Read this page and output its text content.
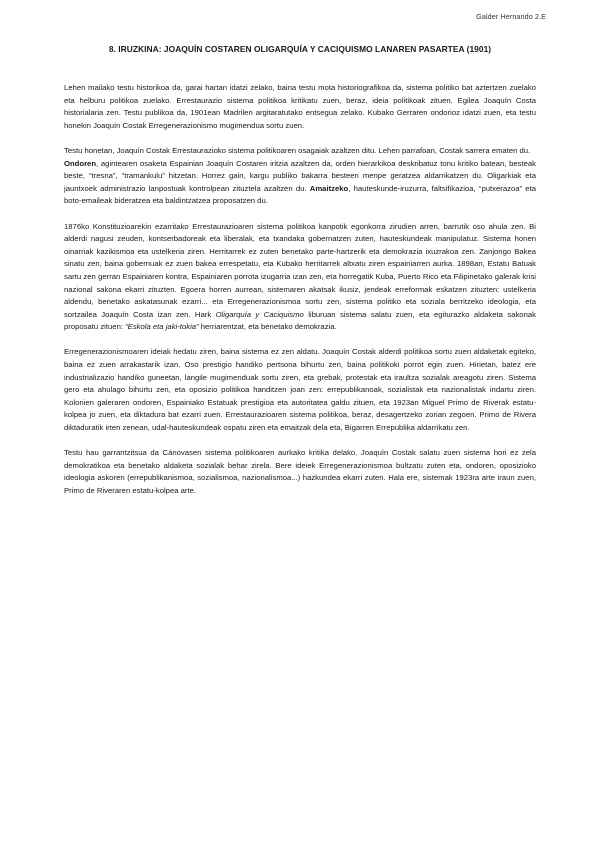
Galder Hernando 2.E
8. IRUZKINA: JOAQUÍN COSTAREN OLIGARQUÍA Y CACIQUISMO LANAREN PASARTEA (1901)

Lehen mailako testu historikoa da, garai hartan idatzi zelako, baina testu mota historiografikoa da, sistema politiko bat aztertzen zuelako eta helburu politikoa zuelako. Errestaurazio sistema politikoa kritikatu zuen, beraz, ideia politikoak zituen. Egilea Joaquín Costa historialaria zen. Testu publikoa da, 1901ean Madrilen argitaratutako entsegua zelako. Kubako Gerraren ondorioz idatzi zuen, eta testu honekin Joaquín Costak Erregenerazionismo mugimendua sortu zuen.

Testu honetan, Joaquín Costak Errestaurazioko sistema politikoaren osagaiak azaltzen ditu. Lehen parrafoan, Costak sarrera ematen du.
Ondoren, agintearen osaketa Espainian Joaquín Costaren iritzia azaltzen da, orden hierarkikoa deskribatuz tonu kritiko batean, besteak beste, “tresna”, “tramankulu” hitzetan. Horrez gain, kargu publiko bakarra besteen menpe geratzea aldarrikatzen du. Oligarkiak eta jauntxoek administrazio lanpostuak kontrolpean zituztela azaltzen du. Amaitzeko, hauteskunde-iruzurra, faltsifikazioa, “putxerazoa” eta boto-emaileak bideratzea eta baldintzatzea proposatzen du.

1876ko Konstituzioarekin ezarritako Errestaurazioaren sistema politikoa kanpotik egonkorra zirudien arren, barrutik oso ahula zen. Bi alderdi nagusi zeuden, kontserbadoreak eta liberalak, eta txandaka gobernatzen zuten, hauteskundeak manipulatuz. Sistema honen oinarriak kazikismoa eta ustelkeria ziren. Herritarrek ez zuten benetako parte-hartzerik eta demokrazia ixuzrakoa zen. Zanjongo Bakea sinatu zen, baina gobernuak ez zuen bakea errespetatu, eta Kubako herritarrek altxatu ziren espainiarren aurka. 1898an, Estatu Batuak sartu zen gerran Espainiaren kontra, Espainiaren porrota izugarria izan zen, eta horregatik Kuba, Puerto Rico eta Filipinetako galerak krisi nazional sakona ekarri zituzten. Egoera horren aurrean, sistemaren akatsak ikusiz, jendeak erreformak eskatzen zituzten: ustelkeria aldendu, benetako askatasunak ezarri... eta Erregenerazionismoa sortu zen, sistema politiko eta soziala berritzeko ideologia, eta sortzailea Joaquín Costa izan zen. Hark Oligarquía y Caciquismo liburuan sistema salatu zuen, eta egiturazko aldaketa sakonak proposatu zituen: “Eskola eta jaki-tokia” herriarentzat, eta benetako demokrazia.

Erregenerazionismoaren ideiak hedatu ziren, baina sistema ez zen aldatu. Joaquín Costak alderdi politikoa sortu zuen aldaketak egiteko, baina ez zuen arrakastarik izan. Oso prestigio handiko pertsona bihurtu zen, baina politikoki porrot egin zuen. Hirietan, batez ere industrializazio handiko guneetan, langile mugimenduak sortu ziren, eta grebak, protestak eta iraultza sozialak areagotu ziren. Sistema gero eta ahulago bihurtu zen, eta oposizio politikoa handitzen joan zen: errepublikanoak, sozialistak eta nazionalistak indartu ziren. Kolonien galeraren ondoren, Espainiako Estatuak prestigioa eta autoritatea galdu zituen, eta 1923an Miguel Primo de Riverak estatu-kolpea jo zuen, eta diktadura bat ezarri zuen. Errestaurazioaren sistema politikoa, beraz, desagertzeko zorian zegoen. Primo de Rivera diktaduratik irten zenean, udal-hauteskundeak ospatu ziren eta emaitzak dela eta, Bigarren Errepublika aldarrikatu zen.

Testu hau garrantzitsua da Cánovasen sistema politikoaren aurkako kritika delako. Joaquín Costak salatu zuen sistema hori ez zela demokratikoa eta benetako aldaketa sozialak behar zirela. Bere ideiek Erregenerazionismoa bultzatu zuten eta, ondoren, oposizioko ideologia askoren (errepublikanismoa, sozialismoa, nazionalismoa...) hazkundea ekarri zuten. Hala ere, sistemak 1923ra arte iraun zuen, Primo de Riveraren estatu-kolpea arte.
